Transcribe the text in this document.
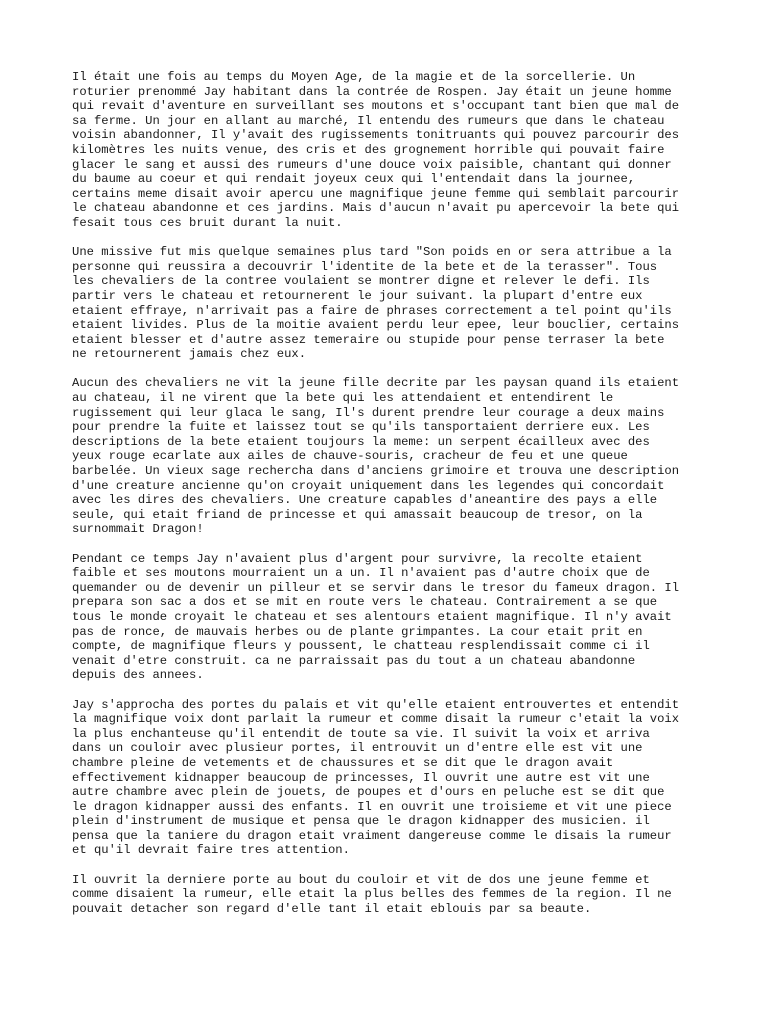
Il était une fois au temps du Moyen Age, de la magie et de la sorcellerie. Un
roturier prenommé Jay habitant dans la contrée de Rospen. Jay était un jeune homme
qui revait d'aventure en surveillant ses moutons et s'occupant tant bien que mal de
sa ferme. Un jour en allant au marché, Il entendu des rumeurs que dans le chateau
voisin abandonner, Il y'avait des rugissements tonitruants qui pouvez parcourir des
kilomètres les nuits venue, des cris et des grognement horrible qui pouvait faire
glacer le sang et aussi des rumeurs d'une douce voix paisible, chantant qui donner
du baume au coeur et qui rendait joyeux ceux qui l'entendait dans la journee,
certains meme disait avoir apercu une magnifique jeune femme qui semblait parcourir
le chateau abandonne et ces jardins. Mais d'aucun n'avait pu apercevoir la bete qui
fesait tous ces bruit durant la nuit.

Une missive fut mis quelque semaines plus tard "Son poids en or sera attribue a la
personne qui reussira a decouvrir l'identite de la bete et de la terasser". Tous
les chevaliers de la contree voulaient se montrer digne et relever le defi. Ils
partir vers le chateau et retournerent le jour suivant. la plupart d'entre eux
etaient effraye, n'arrivait pas a faire de phrases correctement a tel point qu'ils
etaient livides. Plus de la moitie avaient perdu leur epee, leur bouclier, certains
etaient blesser et d'autre assez temeraire ou stupide pour pense terraser la bete
ne retournerent jamais chez eux.

Aucun des chevaliers ne vit la jeune fille decrite par les paysan quand ils etaient
au chateau, il ne virent que la bete qui les attendaient et entendirent le
rugissement qui leur glaca le sang, Il's durent prendre leur courage a deux mains
pour prendre la fuite et laissez tout se qu'ils tansportaient derriere eux. Les
descriptions de la bete etaient toujours la meme: un serpent écailleux avec des
yeux rouge ecarlate aux ailes de chauve-souris, cracheur de feu et une queue
barbelée. Un vieux sage rechercha dans d'anciens grimoire et trouva une description
d'une creature ancienne qu'on croyait uniquement dans les legendes qui concordait
avec les dires des chevaliers. Une creature capables d'aneantire des pays a elle
seule, qui etait friand de princesse et qui amassait beaucoup de tresor, on la
surnommait Dragon!

Pendant ce temps Jay n'avaient plus d'argent pour survivre, la recolte etaient
faible et ses moutons mourraient un a un. Il n'avaient pas d'autre choix que de
quemander ou de devenir un pilleur et se servir dans le tresor du fameux dragon. Il
prepara son sac a dos et se mit en route vers le chateau. Contrairement a se que
tous le monde croyait le chateau et ses alentours etaient magnifique. Il n'y avait
pas de ronce, de mauvais herbes ou de plante grimpantes. La cour etait prit en
compte, de magnifique fleurs y poussent, le chatteau resplendissait comme ci il
venait d'etre construit. ca ne parraissait pas du tout a un chateau abandonne
depuis des annees.

Jay s'approcha des portes du palais et vit qu'elle etaient entrouvertes et entendit
la magnifique voix dont parlait la rumeur et comme disait la rumeur c'etait la voix
la plus enchanteuse qu'il entendit de toute sa vie. Il suivit la voix et arriva
dans un couloir avec plusieur portes, il entrouvit un d'entre elle est vit une
chambre pleine de vetements et de chaussures et se dit que le dragon avait
effectivement kidnapper beaucoup de princesses, Il ouvrit une autre est vit une
autre chambre avec plein de jouets, de poupes et d'ours en peluche est se dit que
le dragon kidnapper aussi des enfants. Il en ouvrit une troisieme et vit une piece
plein d'instrument de musique et pensa que le dragon kidnapper des musicien. il
pensa que la taniere du dragon etait vraiment dangereuse comme le disais la rumeur
et qu'il devrait faire tres attention.

Il ouvrit la derniere porte au bout du couloir et vit de dos une jeune femme et
comme disaient la rumeur, elle etait la plus belles des femmes de la region. Il ne
pouvait detacher son regard d'elle tant il etait eblouis par sa beaute.
